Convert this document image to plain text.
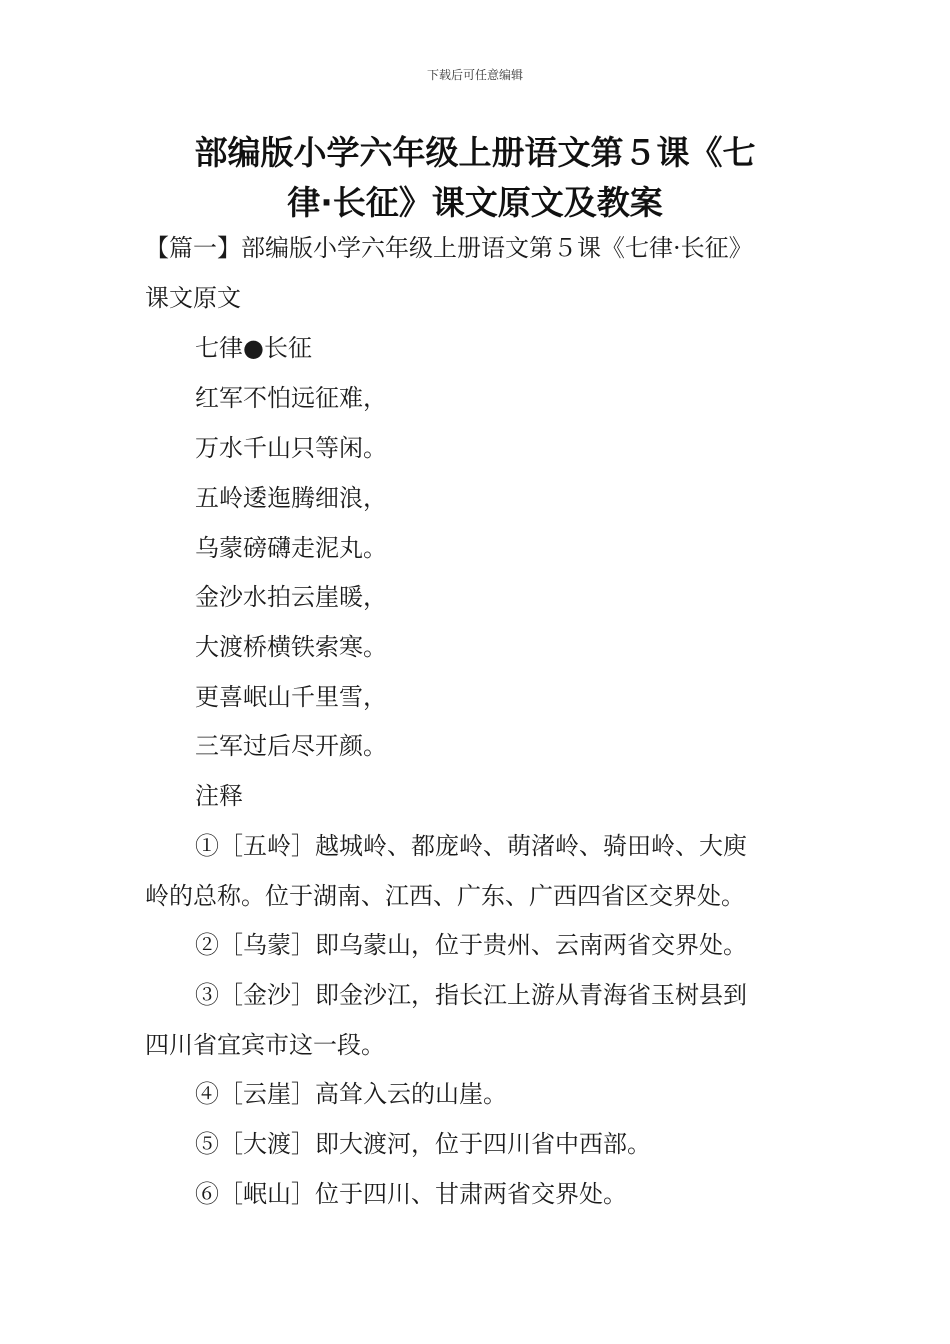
下载后可任意编辑
部编版小学六年级上册语文第５课《七
律·长征》课文原文及教案
【篇一】部编版小学六年级上册语文第５课《七律·长征》
课文原文
七律●长征
红军不怕远征难，
万水千山只等闲。
五岭逶迤腾细浪，
乌蒙磅礴走泥丸。
金沙水拍云崖暖，
大渡桥横铁索寒。
更喜岷山千里雪，
三军过后尽开颜。
注释
①［五岭］越城岭、都庞岭、萌渚岭、骑田岭、大庾
岭的总称。位于湖南、江西、广东、广西四省区交界处。
②［乌蒙］即乌蒙山，位于贵州、云南两省交界处。
③［金沙］即金沙江，指长江上游从青海省玉树县到
四川省宜宾市这一段。
④［云崖］高耸入云的山崖。
⑤［大渡］即大渡河，位于四川省中西部。
⑥［岷山］位于四川、甘肃两省交界处。
